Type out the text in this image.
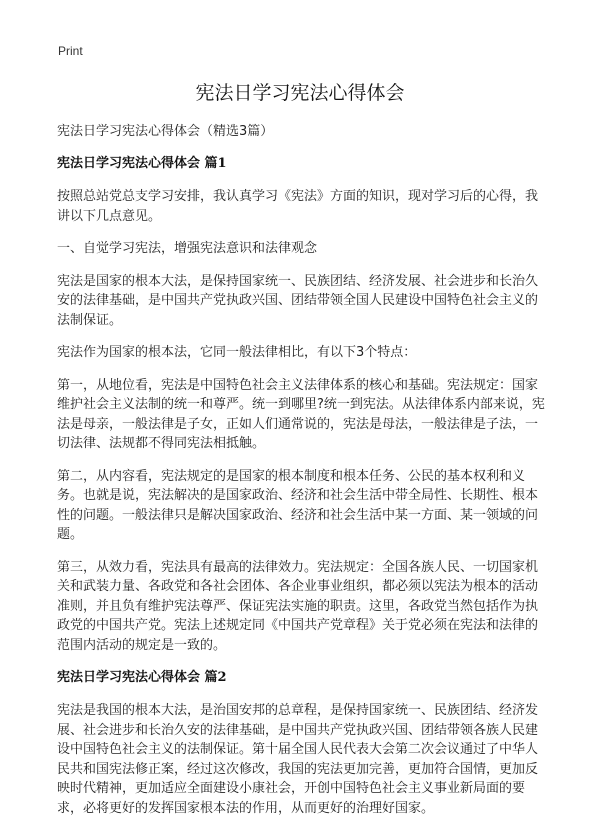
Print
宪法日学习宪法心得体会

宪法日学习宪法心得体会（精选3篇）

宪法日学习宪法心得体会 篇1

按照总站党总支学习安排，我认真学习《宪法》方面的知识，现对学习后的心得，我讲以下几点意见。

一、自觉学习宪法，增强宪法意识和法律观念

宪法是国家的根本大法，是保持国家统一、民族团结、经济发展、社会进步和长治久安的法律基础，是中国共产党执政兴国、团结带领全国人民建设中国特色社会主义的法制保证。

宪法作为国家的根本法，它同一般法律相比，有以下3个特点：

第一，从地位看，宪法是中国特色社会主义法律体系的核心和基础。宪法规定：国家维护社会主义法制的统一和尊严。统一到哪里?统一到宪法。从法律体系内部来说，宪法是母亲，一般法律是子女，正如人们通常说的，宪法是母法，一般法律是子法，一切法律、法规都不得同宪法相抵触。

第二，从内容看，宪法规定的是国家的根本制度和根本任务、公民的基本权利和义务。也就是说，宪法解决的是国家政治、经济和社会生活中带全局性、长期性、根本性的问题。一般法律只是解决国家政治、经济和社会生活中某一方面、某一领域的问题。

第三，从效力看，宪法具有最高的法律效力。宪法规定：全国各族人民、一切国家机关和武装力量、各政党和各社会团体、各企业事业组织，都必须以宪法为根本的活动准则，并且负有维护宪法尊严、保证宪法实施的职责。这里，各政党当然包括作为执政党的中国共产党。宪法上述规定同《中国共产党章程》关于党必须在宪法和法律的范围内活动的规定是一致的。

宪法日学习宪法心得体会 篇2

宪法是我国的根本大法，是治国安邦的总章程，是保持国家统一、民族团结、经济发展、社会进步和长治久安的法律基础，是中国共产党执政兴国、团结带领各族人民建设中国特色社会主义的法制保证。第十届全国人民代表大会第二次会议通过了中华人民共和国宪法修正案，经过这次修改，我国的宪法更加完善，更加符合国情，更加反映时代精神，更加适应全面建设小康社会，开创中国特色社会主义事业新局面的要求，必将更好的发挥国家根本法的作用，从而更好的治理好国家。
